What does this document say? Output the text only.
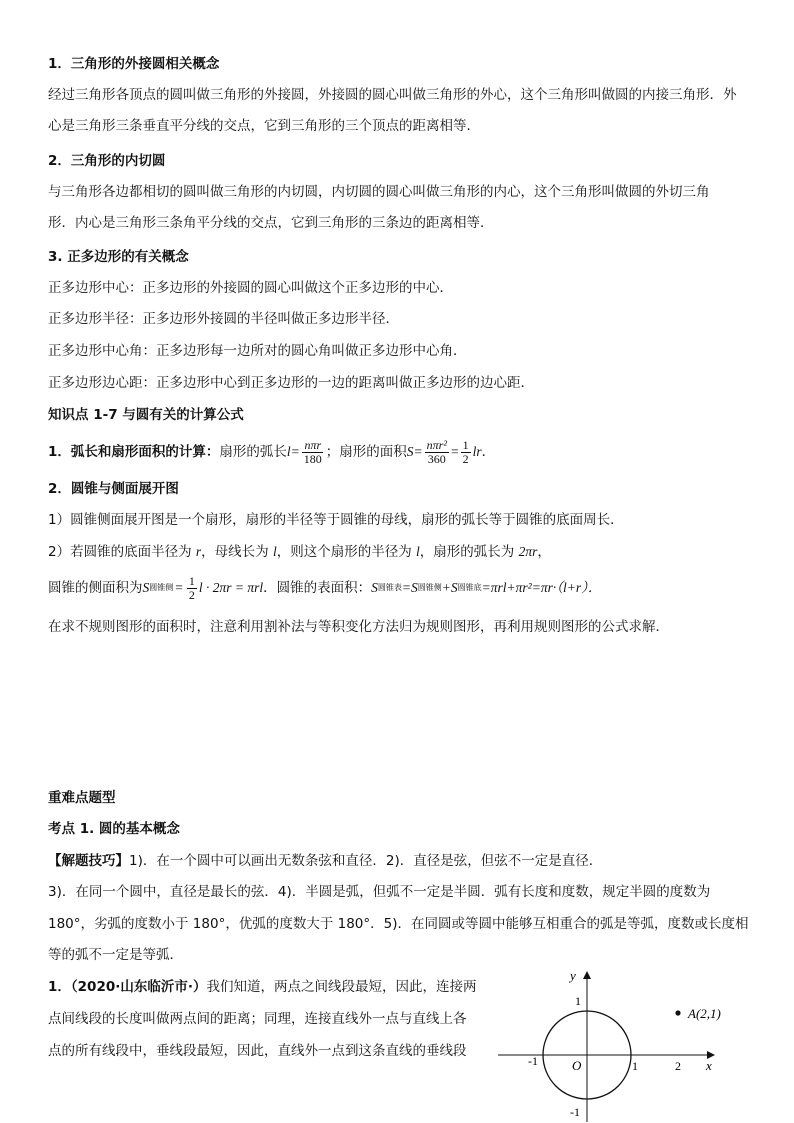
1．三角形的外接圆相关概念
经过三角形各顶点的圆叫做三角形的外接圆，外接圆的圆心叫做三角形的外心，这个三角形叫做圆的内接三角形．外
心是三角形三条垂直平分线的交点，它到三角形的三个顶点的距离相等．
2．三角形的内切圆
与三角形各边都相切的圆叫做三角形的内切圆，内切圆的圆心叫做三角形的内心，这个三角形叫做圆的外切三角
形．内心是三角形三条角平分线的交点，它到三角形的三条边的距离相等．
3. 正多边形的有关概念
正多边形中心：正多边形的外接圆的圆心叫做这个正多边形的中心．
正多边形半径：正多边形外接圆的半径叫做正多边形半径．
正多边形中心角：正多边形每一边所对的圆心角叫做正多边形中心角．
正多边形边心距：正多边形中心到正多边形的一边的距离叫做正多边形的边心距．
知识点 1-7 与圆有关的计算公式
1．弧长和扇形面积的计算： 扇形的弧长 $l= \frac{\text{nπr}}{180}$ ；扇形的面积 $S= \frac{\text{nπr²}}{360} = \frac{1}{2}$ lr ．
2．圆锥与侧面展开图
1）圆锥侧面展开图是一个扇形，扇形的半径等于圆锥的母线，扇形的弧长等于圆锥的底面周长．
2）若圆锥的底面半径为 r，母线长为 l，则这个扇形的半径为 l，扇形的弧长为 2πr，
圆锥的侧面积为 S 圆锥侧 = $\frac{1}{2}$ l · 2πr = πrl ．圆锥的表面积： S 圆锥表 =S 圆锥侧 +S 圆锥底 =πrl+πr²=πr·（l+r）．
在求不规则图形的面积时，注意利用割补法与等积变化方法归为规则图形，再利用规则图形的公式求解．
重难点题型
考点 1. 圆的基本概念
【解题技巧】1)．在一个圆中可以画出无数条弦和直径．2)．直径是弦，但弦不一定是直径．
3)．在同一个圆中，直径是最长的弦．4)．半圆是弧，但弧不一定是半圆．弧有长度和度数，规定半圆的度数为
180°，劣弧的度数小于 180°，优弧的度数大于 180°．5)．在同圆或等圆中能够互相重合的弧是等弧，度数或长度相
等的弧不一定是等弧．
1．（2020·山东临沂市·）我们知道，两点之间线段最短，因此，连接两
点间线段的长度叫做两点间的距离；同理，连接直线外一点与直线上各
点的所有线段中，垂线段最短，因此，直线外一点到这条直线的垂线段
y
x
O
1
1	2
-1
-1
A(2,1)
